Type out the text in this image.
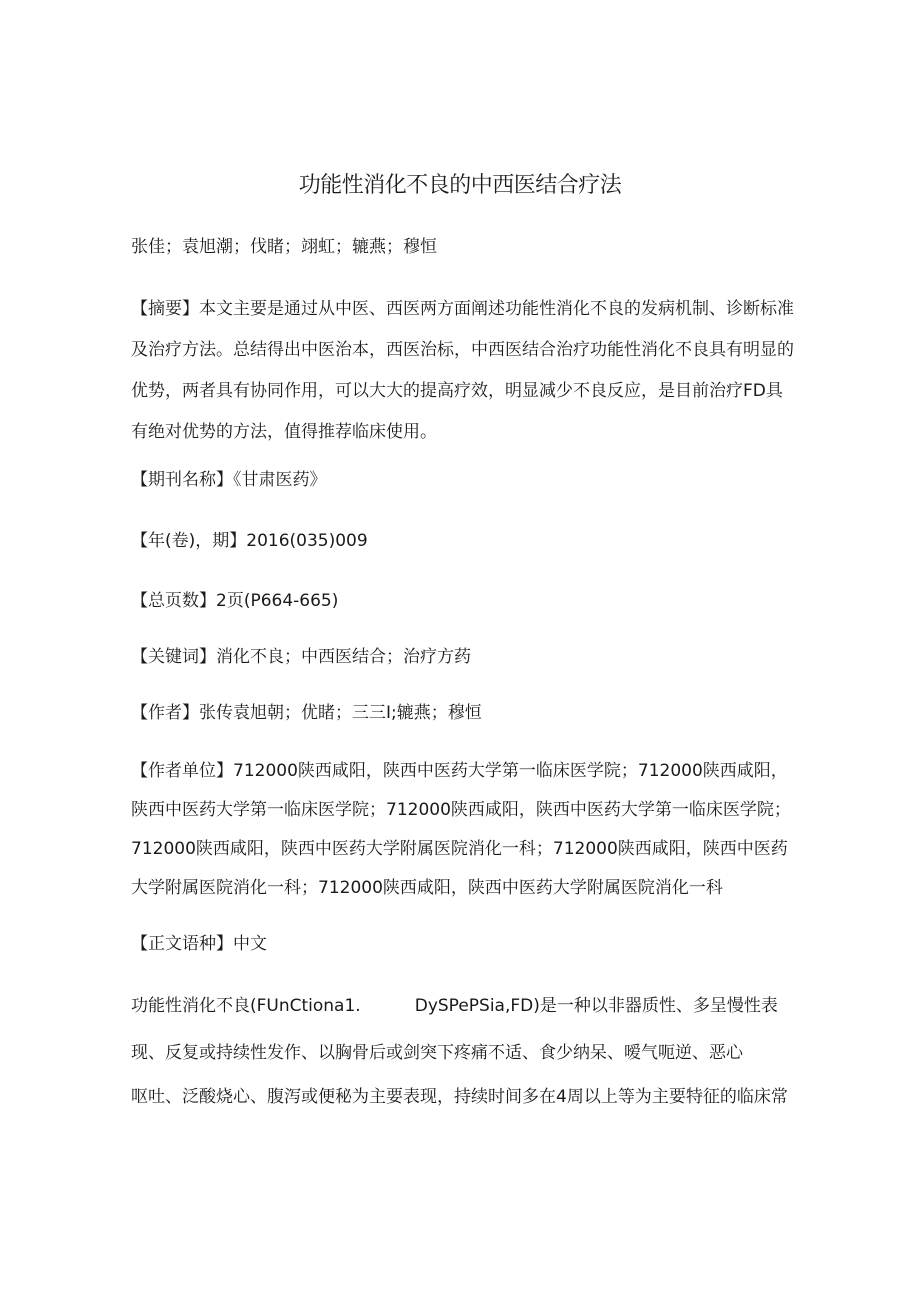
功能性消化不良的中西医结合疗法
张佳；袁旭潮；伐睹；翊虹；辘燕；穆恒
【摘要】本文主要是通过从中医、西医两方面阐述功能性消化不良的发病机制、诊断标准及治疗方法。总结得出中医治本，西医治标，中西医结合治疗功能性消化不良具有明显的优势，两者具有协同作用，可以大大的提高疗效，明显减少不良反应，是目前治疗FD具有绝对优势的方法，值得推荐临床使用。
【期刊名称】《甘肃医药》
【年(卷)，期】2016(035)009
【总页数】2页(P664-665)
【关键词】消化不良；中西医结合；治疗方药
【作者】张传袁旭朝；优睹；三三I;辘燕；穆恒
【作者单位】712000陕西咸阳，陕西中医药大学第一临床医学院；712000陕西咸阳，陕西中医药大学第一临床医学院；712000陕西咸阳，陕西中医药大学第一临床医学院；712000陕西咸阳，陕西中医药大学附属医院消化一科；712000陕西咸阳，陕西中医药大学附属医院消化一科；712000陕西咸阳，陕西中医药大学附属医院消化一科
【正文语种】中文
功能性消化不良(FUnCtiona1.          DySPePSia,FD)是一种以非器质性、多呈慢性表
现、反复或持续性发作、以胸骨后或剑突下疼痛不适、食少纳呆、嗳气呃逆、恶心
呕吐、泛酸烧心、腹泻或便秘为主要表现，持续时间多在4周以上等为主要特征的临床常
